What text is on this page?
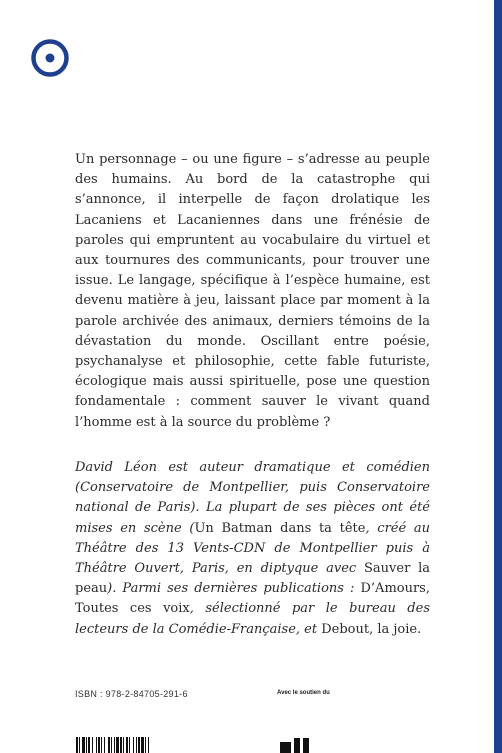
Un personnage – ou une figure – s’adresse au peuple des humains. Au bord de la catastrophe qui s’annonce, il interpelle de façon drolatique les Lacaniens et Lacaniennes dans une frénésie de paroles qui empruntent au vocabulaire du virtuel et aux tournures des communicants, pour trouver une issue. Le langage, spécifique à l’espèce humaine, est devenu matière à jeu, laissant place par moment à la parole archivée des animaux, derniers témoins de la dévastation du monde. Oscillant entre poésie, psychanalyse et philosophie, cette fable futuriste, écologique mais aussi spirituelle, pose une question fondamentale : comment sauver le vivant quand l’homme est à la source du problème ?

David Léon est auteur dramatique et comédien (Conservatoire de Montpellier, puis Conservatoire national de Paris). La plupart de ses pièces ont été mises en scène (Un Batman dans ta tête, créé au Théâtre des 13 Vents-CDN de Montpellier puis à Théâtre Ouvert, Paris, en diptyque avec Sauver la peau). Parmi ses dernières publications : D’Amours, Toutes ces voix, sélectionné par le bureau des lecteurs de la Comédie-Française, et Debout, la joie.

ISBN : 978-2-84705-291-6	Avec le soutien du
